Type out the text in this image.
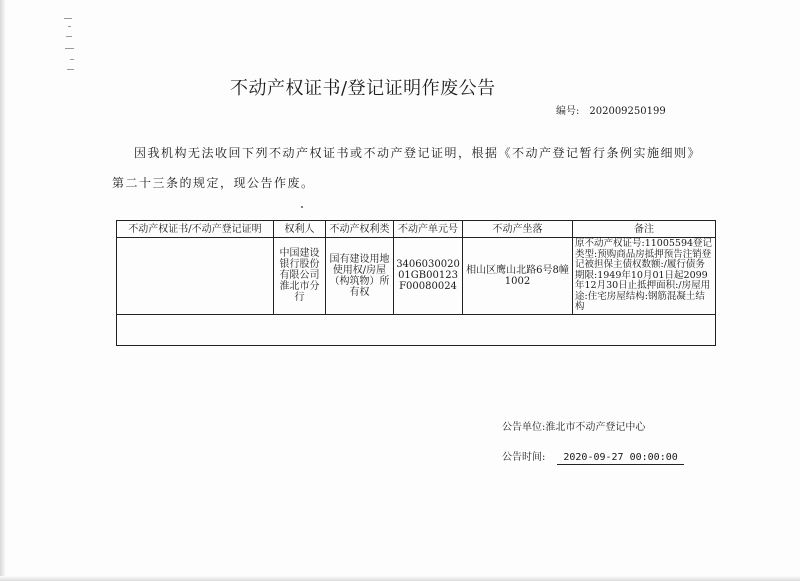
不动产权证书/登记证明作废公告
编号: 202009250199
因我机构无法收回下列不动产权证书或不动产登记证明，根据《不动产登记暂行条例实施细则》第二十三条的规定，现公告作废。
不动产权证书/不动产登记证明	权利人	不动产权利类	不动产单元号	不动产坐落	备注
	中国建设银行股份有限公司淮北市分行	国有建设用地使用权/房屋（构筑物）所有权	340603002001GB00123F00080024	相山区鹰山北路6号8幢1002	原不动产权证号:11005594登记类型:预购商品房抵押预告注销登记被担保主债权数额:/履行债务期限:1949年10月01日起2099年12月30日止抵押面积:/房屋用途:住宅房屋结构:钢筋混凝土结构

公告单位:淮北市不动产登记中心
公告时间: 2020-09-27 00:00:00
